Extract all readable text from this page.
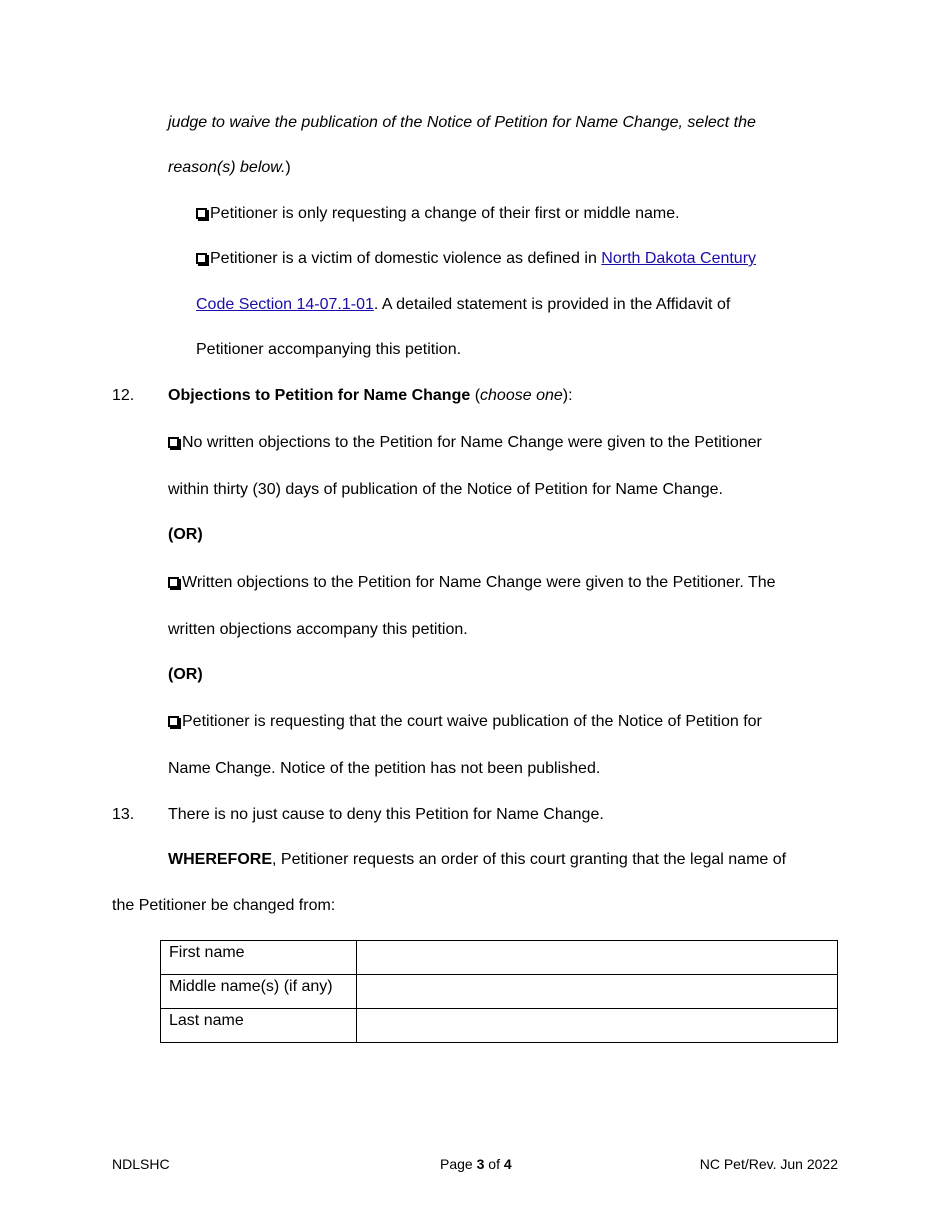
judge to waive the publication of the Notice of Petition for Name Change, select the
reason(s) below.)
Petitioner is only requesting a change of their first or middle name.
Petitioner is a victim of domestic violence as defined in North Dakota Century
Code Section 14-07.1-01. A detailed statement is provided in the Affidavit of
Petitioner accompanying this petition.
12. Objections to Petition for Name Change (choose one):
No written objections to the Petition for Name Change were given to the Petitioner
within thirty (30) days of publication of the Notice of Petition for Name Change.
(OR)
Written objections to the Petition for Name Change were given to the Petitioner. The
written objections accompany this petition.
(OR)
Petitioner is requesting that the court waive publication of the Notice of Petition for
Name Change. Notice of the petition has not been published.
13. There is no just cause to deny this Petition for Name Change.
WHEREFORE, Petitioner requests an order of this court granting that the legal name of
the Petitioner be changed from:
First name	
Middle name(s) (if any)	
Last name	
NDLSHC	Page 3 of 4	NC Pet/Rev. Jun 2022
